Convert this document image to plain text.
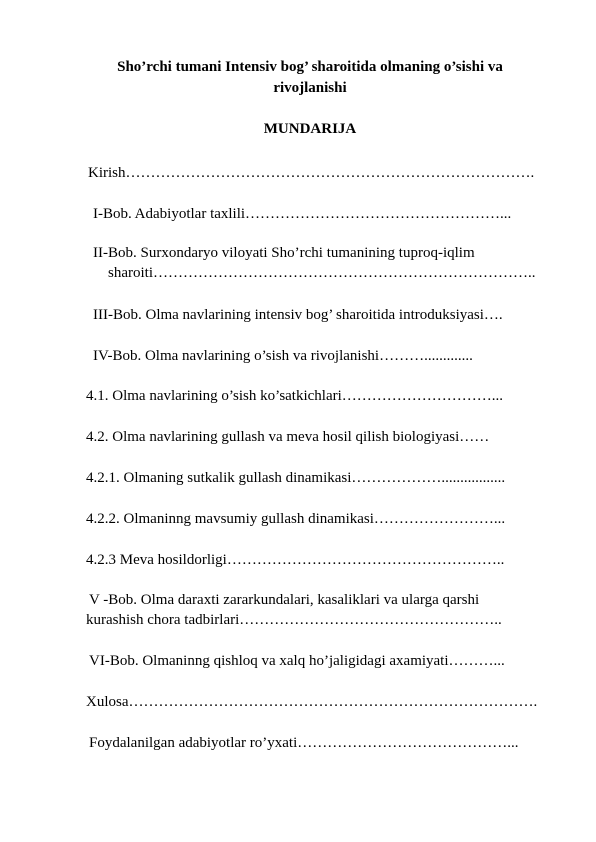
Sho’rchi tumani Intensiv bog’ sharoitida olmaning o’sishi va rivojlanishi
MUNDARIJA
Kirish……………………………………………………………………….
I-Bob. Adabiyotlar taxlili……………………………………………...
II-Bob. Surxondaryo viloyati Sho’rchi tumanining tuproq-iqlim
sharoiti…………………………………………………………………..
III-Bob. Olma navlarining intensiv bog’ sharoitida introduksiyasi….
IV-Bob. Olma navlarining o’sish va rivojlanishi……….............
4.1. Olma navlarining o’sish ko’satkichlari…………………………...
4.2. Olma navlarining gullash va meva hosil qilish biologiyasi……
4.2.1. Olmaning sutkalik gullash dinamikasi……………….................
4.2.2. Olmaninng mavsumiy gullash dinamikasi……………………...
4.2.3 Meva hosildorligi………………………………………………..
V -Bob. Olma daraxti zararkundalari, kasaliklari va ularga qarshi
kurashish chora tadbirlari……………………………………………..
VI-Bob. Olmaninng qishloq va xalq ho’jaligidagi axamiyati………...
Xulosa……………………………………………………………………….
Foydalanilgan adabiyotlar ro’yxati……………………………………...
